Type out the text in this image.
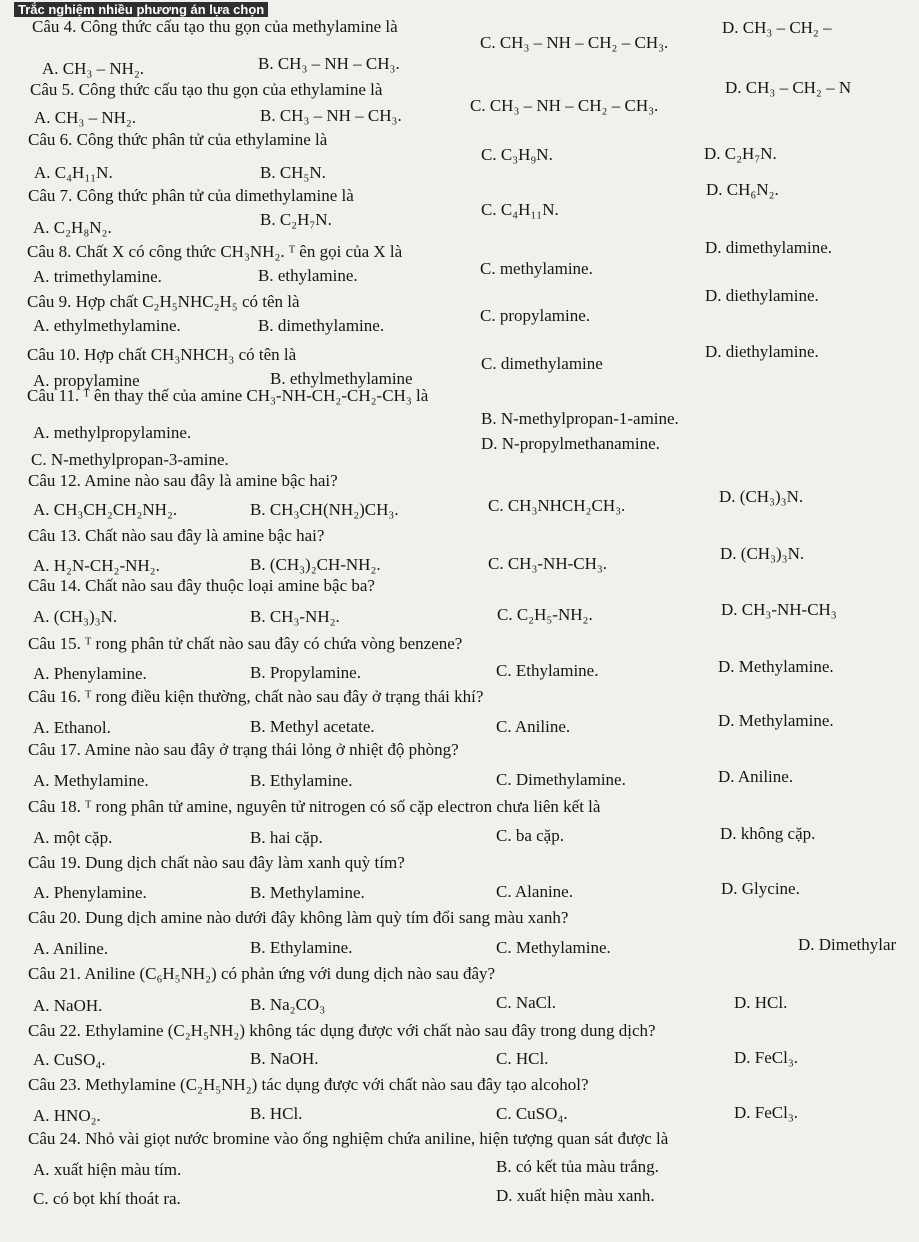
Trắc nghiệm nhiều phương án lựa chọn
Câu 4. Công thức cấu tạo thu gọn của methylamine là
C. CH₃ – NH – CH₂ – CH₃.
D. CH₃ – CH₂ –
A. CH₃ – NH₂.	B. CH₃ – NH – CH₃.
Câu 5. Công thức cấu tạo thu gọn của ethylamine là
C. CH₃ – NH – CH₂ – CH₃.
D. CH₃ – CH₂ – N
A. CH₃ – NH₂.	B. CH₃ – NH – CH₃.
Câu 6. Công thức phân tử của ethylamine là
A. C₄H₁₁N.	B. CH₅N.
C. C₃H₉N.	D. C₂H₇N.
Câu 7. Công thức phân tử của dimethylamine là
A. C₂H₈N₂.	B. C₂H₇N.
C. C₄H₁₁N.
D. CH₆N₂.
Câu 8. Chất X có công thức CH₃NH₂. ᵀ ên gọi của X là
A. trimethylamine.	B. ethylamine.	C. methylamine.
D. dimethylamine.
Câu 9. Hợp chất C₂H₅NHC₂H₅ có tên là
A. ethylmethylamine.	B. dimethylamine.
C. propylamine.
D. diethylamine.
Câu 10. Hợp chất CH₃NHCH₃ có tên là
A. propylamine	B. ethylmethylamine
C. dimethylamine
D. diethylamine.
Câu 11. ᵀ ên thay thế của amine CH₃-NH-CH₂-CH₂-CH₃ là
A. methylpropylamine.
B. N-methylpropan-1-amine.
C. N-methylpropan-3-amine.
D. N-propylmethanamine.
Câu 12. Amine nào sau đây là amine bậc hai?
A. CH₃CH₂CH₂NH₂.	B. CH₃CH(NH₂)CH₃.	C. CH₃NHCH₂CH₃.	D. (CH₃)₃N.
Câu 13. Chất nào sau đây là amine bậc hai?
A. H₂N-CH₂-NH₂.	B. (CH₃)₂CH-NH₂.	C. CH₃-NH-CH₃.
D. (CH₃)₃N.
Câu 14. Chất nào sau đây thuộc loại amine bậc ba?
A. (CH₃)₃N.	B. CH₃-NH₂.	C. C₂H₅-NH₂.	D. CH₃-NH-CH₃
Câu 15. ᵀ rong phân tử chất nào sau đây có chứa vòng benzene?
A. Phenylamine.	B. Propylamine.	C. Ethylamine.	D. Methylamine.
Câu 16. ᵀ rong điều kiện thường, chất nào sau đây ở trạng thái khí?
A. Ethanol.	B. Methyl acetate.	C. Aniline.	D. Methylamine.
Câu 17. Amine nào sau đây ở trạng thái lỏng ở nhiệt độ phòng?
A. Methylamine.	B. Ethylamine.	C. Dimethylamine.	D. Aniline.
Câu 18. ᵀ rong phân tử amine, nguyên tử nitrogen có số cặp electron chưa liên kết là
A. một cặp.	B. hai cặp.	C. ba cặp.	D. không cặp.
Câu 19. Dung dịch chất nào sau đây làm xanh quỳ tím?
A. Phenylamine.	B. Methylamine.	C. Alanine.	D. Glycine.
Câu 20. Dung dịch amine nào dưới đây không làm quỳ tím đổi sang màu xanh?
A. Aniline.	B. Ethylamine.	C. Methylamine.	D. Dimethylar
Câu 21. Aniline (C₆H₅NH₂) có phản ứng với dung dịch nào sau đây?
A. NaOH.	B. Na₂CO₃	C. NaCl.	D. HCl.
Câu 22. Ethylamine (C₂H₅NH₂) không tác dụng được với chất nào sau đây trong dung dịch?
A. CuSO₄.	B. NaOH.	C. HCl.	D. FeCl₃.
Câu 23. Methylamine (C₂H₅NH₂) tác dụng được với chất nào sau đây tạo alcohol?
A. HNO₂.	B. HCl.	C. CuSO₄.	D. FeCl₃.
Câu 24. Nhỏ vài giọt nước bromine vào ống nghiệm chứa aniline, hiện tượng quan sát được là
A. xuất hiện màu tím.	B. có kết tủa màu trắng.
C. có bọt khí thoát ra.	D. xuất hiện màu xanh.
